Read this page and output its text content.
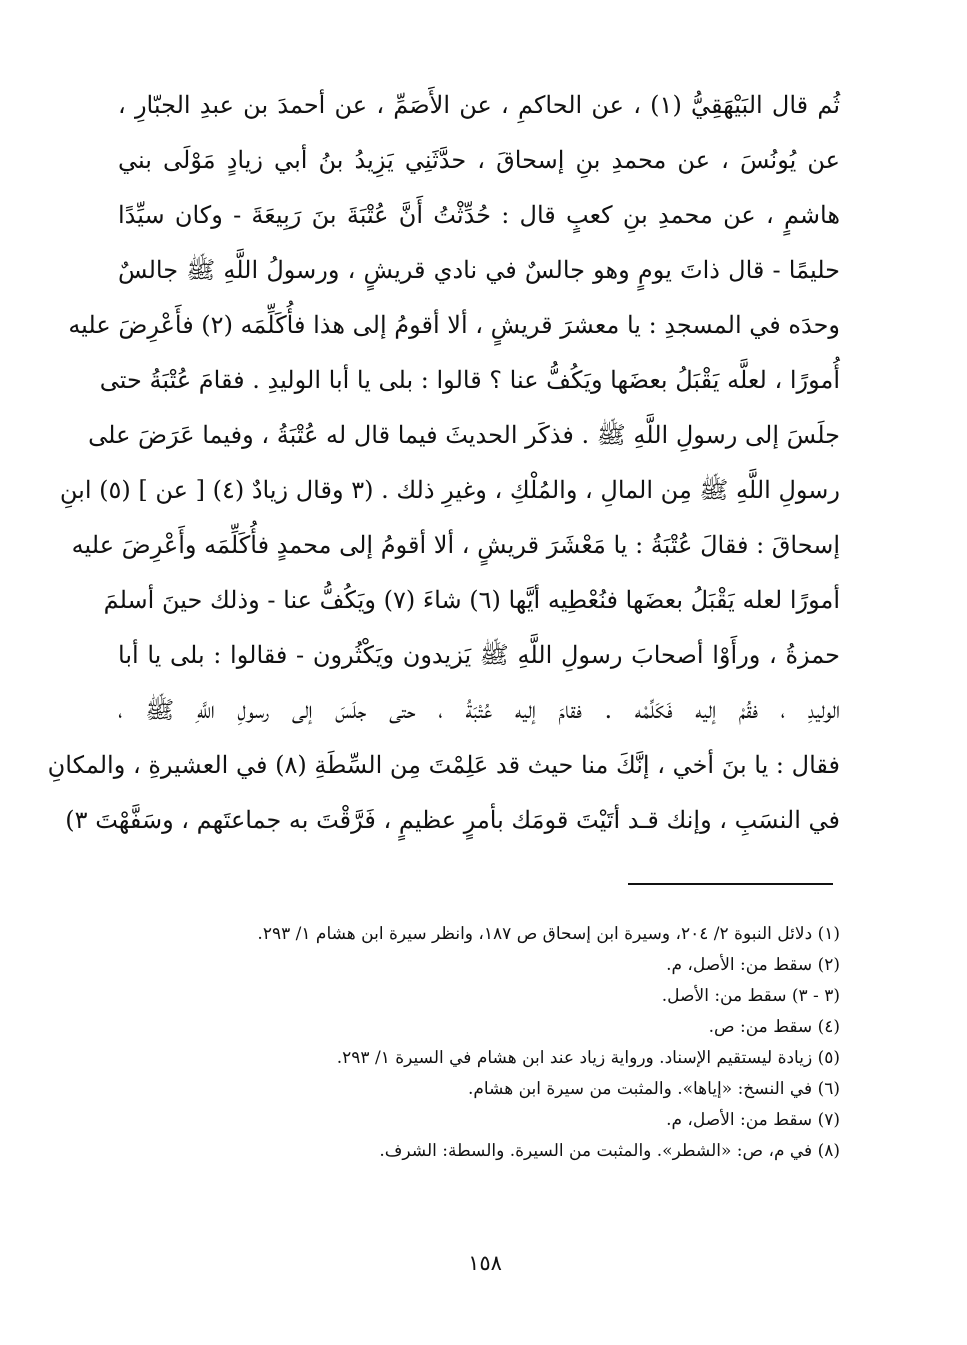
ثُم قال البَيْهَقِيُّ (١) ، عن الحاكمِ ، عن الأَصَمِّ ، عن أحمدَ بن عبدِ الجبّارِ ،
عن يُونُسَ ، عن محمدِ بنِ إسحاقَ ، حدَّثَنِي يَزِيدُ بنُ أبي زيادٍ مَوْلَى بني
هاشمٍ ، عن محمدِ بنِ كعبٍ قال : حُدِّثْتُ أَنَّ عُتْبَةَ بنَ رَبِيعَةَ - وكان سيِّدًا
حليمًا - قال ذاتَ يومٍ وهو جالسٌ في نادي قريشٍ ، ورسولُ اللَّهِ ﷺ جالسٌ
وحدَه في المسجدِ : يا معشرَ قريشٍ ، ألا أقومُ إلى هذا فأُكَلِّمَه (٢) فأَعْرِضَ عليه
أُمورًا ، لعلَّه يَقْبَلُ بعضَها ويَكُفُّ عنا ؟ قالوا : بلى يا أبا الوليدِ . فقامَ عُتْبَةُ حتى
جلَسَ إلى رسولِ اللَّهِ ﷺ . فذكَر الحديثَ فيما قال له عُتْبَةُ ، وفيما عَرَضَ على
رسولِ اللَّهِ ﷺ مِن المالِ ، والمُلْكِ ، وغيرِ ذلك . (٣ وقال زيادٌ (٤) [ عن ] (٥) ابنِ
إسحاقَ : فقالَ عُتْبَةُ : يا مَعْشَرَ قريشٍ ، ألا أقومُ إلى محمدٍ فأُكَلِّمَه وأَعْرِضَ عليه
أمورًا لعله يَقْبَلُ بعضَها فنُعْطِيه أيَّها (٦) شاءَ (٧) ويَكُفُّ عنا - وذلك حينَ أسلمَ
حمزةُ ، ورأَوْا أصحابَ رسولِ اللَّهِ ﷺ يَزيدون ويَكْثُرون - فقالوا : بلى يا أبا
الوليدِ ، فقُمْ إليه فَكَلِّمْه . فقامَ إليه عُتْبَةُ ، حتى جلَسَ إلى رسولِ اللَّهِ ﷺ ،
فقال : يا بنَ أخي ، إنَّكَ منا حيث قد عَلِمْتَ مِن السِّطَةِ (٨) في العشيرةِ ، والمكانِ
في النسَبِ ، وإنك قـد أتَيْتَ قومَك بأمرٍ عظيمٍ ، فَرَّقْتَ به جماعتَهم ، وسَفَّهْتَ ٣)
(١) دلائل النبوة ٢/ ٢٠٤، وسيرة ابن إسحاق ص ١٨٧، وانظر سيرة ابن هشام ١/ ٢٩٣.
(٢) سقط من: الأصل، م.
(٣ - ٣) سقط من: الأصل.
(٤) سقط من: ص.
(٥) زيادة ليستقيم الإسناد. ورواية زياد عند ابن هشام في السيرة ١/ ٢٩٣.
(٦) في النسخ: «إياها». والمثبت من سيرة ابن هشام.
(٧) سقط من: الأصل، م.
(٨) في م، ص: «الشطر». والمثبت من السيرة. والسطة: الشرف.
١٥٨
